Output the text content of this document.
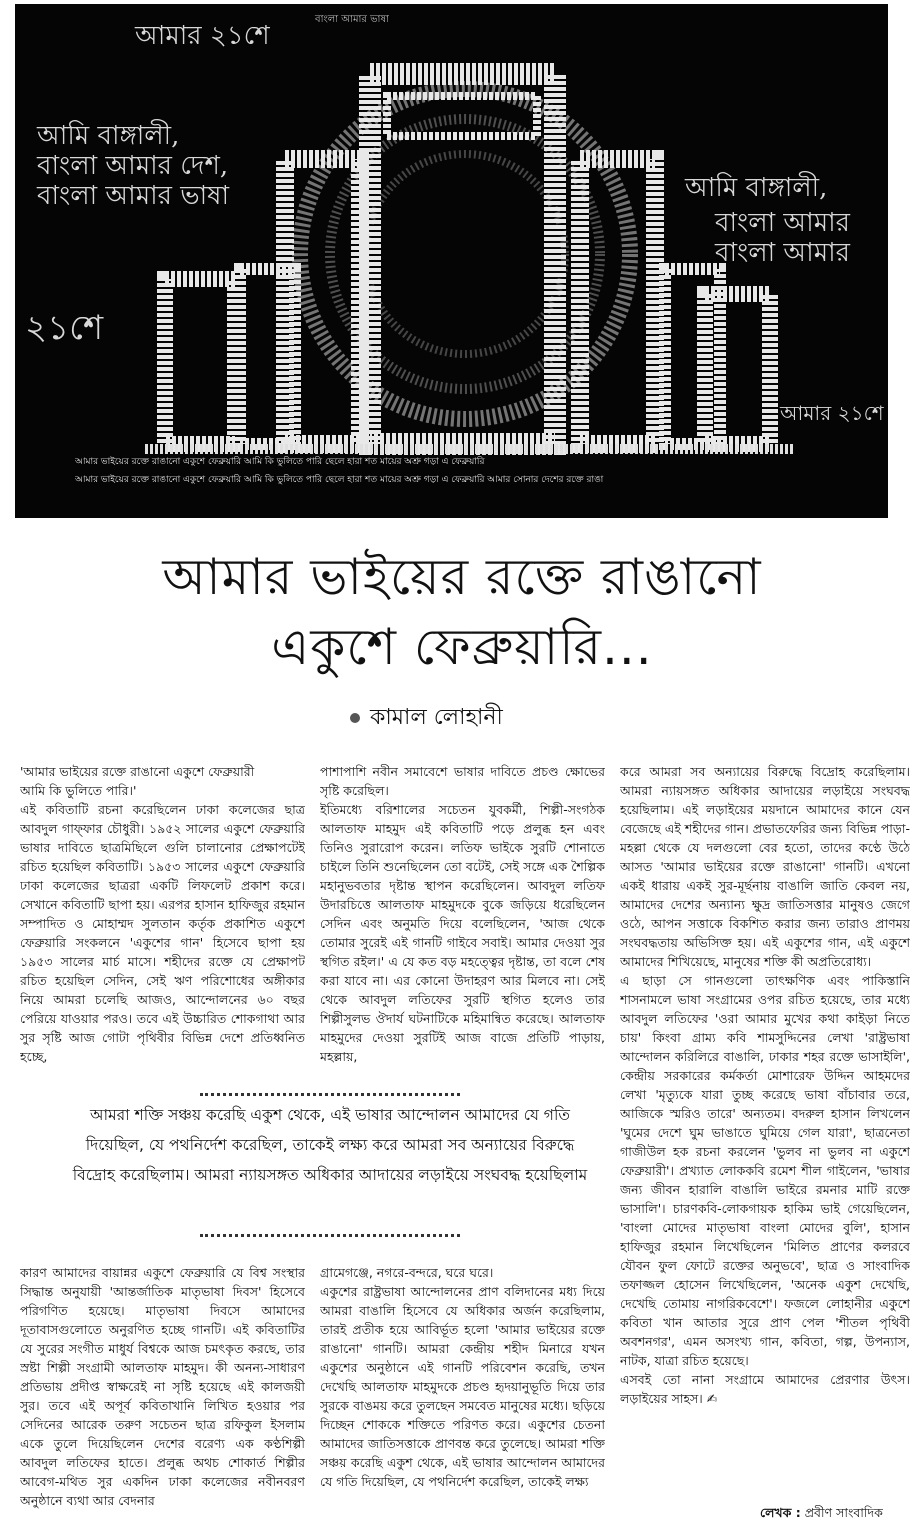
আমার ২১শে
আমি বাঙ্গালী,
বাংলা আমার দেশ,
বাংলা আমার ভাষা
২১শে
আমি বাঙ্গালী,
বাংলা আমার
বাংলা আমার
আমার ২১শে
বাংলা আমার ভাষা
আমার ভাইয়ের রক্তে রাঙানো একুশে ফেব্রুয়ারি আমি কি ভুলিতে পারি ছেলে হারা শত মায়ের অশ্রু গড়া এ ফেব্রুয়ারি
আমার ভাইয়ের রক্তে রাঙানো একুশে ফেব্রুয়ারি আমি কি ভুলিতে পারি ছেলে হারা শত মায়ের অশ্রু গড়া এ ফেব্রুয়ারি আমার সোনার দেশের রক্তে রাঙা
আমার ভাইয়ের রক্তে রাঙানো
একুশে ফেব্রুয়ারি...
কামাল লোহানী
'আমার ভাইয়ের রক্তে রাঙানো একুশে ফেব্রুয়ারী
আমি কি ভুলিতে পারি।'
এই কবিতাটি রচনা করেছিলেন ঢাকা কলেজের ছাত্র আবদুল গাফ্ফার চৌধুরী। ১৯৫২ সালের একুশে ফেব্রুয়ারি ভাষার দাবিতে ছাত্রমিছিলে গুলি চালানোর প্রেক্ষাপটেই রচিত হয়েছিল কবিতাটি। ১৯৫৩ সালের একুশে ফেব্রুয়ারি ঢাকা কলেজের ছাত্ররা একটি লিফলেট প্রকাশ করে। সেখানে কবিতাটি ছাপা হয়। এরপর হাসান হাফিজুর রহমান সম্পাদিত ও মোহাম্মদ সুলতান কর্তৃক প্রকাশিত একুশে ফেব্রুয়ারি সংকলনে 'একুশের গান' হিসেবে ছাপা হয় ১৯৫৩ সালের মার্চ মাসে। শহীদের রক্তে যে প্রেক্ষাপট রচিত হয়েছিল সেদিন, সেই ঋণ পরিশোধের অঙ্গীকার নিয়ে আমরা চলেছি আজও, আন্দোলনের ৬০ বছর পেরিয়ে যাওয়ার পরও। তবে এই উচ্চারিত শোকগাথা আর সুর সৃষ্টি আজ গোটা পৃথিবীর বিভিন্ন দেশে প্রতিধ্বনিত হচ্ছে,
পাশাপাশি নবীন সমাবেশে ভাষার দাবিতে প্রচণ্ড ক্ষোভের সৃষ্টি করেছিল।
ইতিমধ্যে বরিশালের সচেতন যুবকর্মী, শিল্পী-সংগঠক আলতাফ মাহমুদ এই কবিতাটি পড়ে প্রলুব্ধ হন এবং তিনিও সুরারোপ করেন। লতিফ ভাইকে সুরটি শোনাতে চাইলে তিনি শুনেছিলেন তো বটেই, সেই সঙ্গে এক শৈল্পিক মহানুভবতার দৃষ্টান্ত স্থাপন করেছিলেন। আবদুল লতিফ উদারচিত্তে আলতাফ মাহমুদকে বুকে জড়িয়ে ধরেছিলেন সেদিন এবং অনুমতি দিয়ে বলেছিলেন, 'আজ থেকে তোমার সুরেই এই গানটি গাইবে সবাই। আমার দেওয়া সুর স্থগিত রইল।' এ যে কত বড় মহত্ত্বের দৃষ্টান্ত, তা বলে শেষ করা যাবে না। এর কোনো উদাহরণ আর মিলবে না। সেই থেকে আবদুল লতিফের সুরটি স্থগিত হলেও তার শিল্পীসুলভ ঔদার্য ঘটনাটিকে মহিমান্বিত করেছে। আলতাফ মাহমুদের দেওয়া সুরটিই আজ বাজে প্রতিটি পাড়ায়, মহল্লায়,
করে আমরা সব অন্যায়ের বিরুদ্ধে বিদ্রোহ করেছিলাম। আমরা ন্যায়সঙ্গত অধিকার আদায়ের লড়াইয়ে সংঘবদ্ধ হয়েছিলাম। এই লড়াইয়ের ময়দানে আমাদের কানে যেন বেজেছে এই শহীদের গান। প্রভাতফেরির জন্য বিভিন্ন পাড়া-মহল্লা থেকে যে দলগুলো বের হতো, তাদের কণ্ঠে উঠে আসত 'আমার ভাইয়ের রক্তে রাঙানো' গানটি। এখনো একই ধারায় একই সুর-মূর্ছনায় বাঙালি জাতি কেবল নয়, আমাদের দেশের অন্যান্য ক্ষুদ্র জাতিসত্তার মানুষও জেগে ওঠে, আপন সত্তাকে বিকশিত করার জন্য তারাও প্রাণময় সংঘবদ্ধতায় অভিসিক্ত হয়। এই একুশের গান, এই একুশে আমাদের শিখিয়েছে, মানুষের শক্তি কী অপ্রতিরোধ্য।
এ ছাড়া সে গানগুলো তাৎক্ষণিক এবং পাকিস্তানি শাসনামলে ভাষা সংগ্রামের ওপর রচিত হয়েছে, তার মধ্যে আবদুল লতিফের 'ওরা আমার মুখের কথা কাইড়া নিতে চায়' কিংবা গ্রাম্য কবি শামসুদ্দিনের লেখা 'রাষ্ট্রভাষা আন্দোলন করিলিরে বাঙালি, ঢাকার শহর রক্তে ভাসাইলি', কেন্দ্রীয় সরকারের কর্মকর্তা মোশারেফ উদ্দিন আহমদের লেখা 'মৃত্যুকে যারা তুচ্ছ করেছে ভাষা বাঁচাবার তরে, আজিকে স্মরিও তারে' অন্যতম। বদরুল হাসান লিখলেন 'ঘুমের দেশে ঘুম ভাঙাতে ঘুমিয়ে গেল যারা', ছাত্রনেতা গাজীউল হক রচনা করলেন 'ভুলব না ভুলব না একুশে ফেব্রুয়ারী'। প্রখ্যাত লোককবি রমেশ শীল গাইলেন, 'ভাষার জন্য জীবন হারালি বাঙালি ভাইরে রমনার মাটি রক্তে ভাসালি'। চারণকবি-লোকগায়ক হাকিম ভাই গেয়েছিলেন, 'বাংলা মোদের মাতৃভাষা বাংলা মোদের বুলি', হাসান হাফিজুর রহমান লিখেছিলেন 'মিলিত প্রাণের কলরবে যৌবন ফুল ফোটে রক্তের অনুভবে', ছাত্র ও সাংবাদিক তফাজ্জল হোসেন লিখেছিলেন, 'অনেক একুশ দেখেছি, দেখেছি তোমায় নাগরিকবেশে'। ফজলে লোহানীর একুশে কবিতা খান আতার সুরে প্রাণ পেল 'শীতল পৃথিবী অবশনগর', এমন অসংখ্য গান, কবিতা, গল্প, উপন্যাস, নাটক, যাত্রা রচিত হয়েছে।
এসবই তো নানা সংগ্রামে আমাদের প্রেরণার উৎস। লড়াইয়ের সাহস। ✍
আমরা শক্তি সঞ্চয় করেছি একুশ থেকে, এই ভাষার আন্দোলন আমাদের যে গতি দিয়েছিল, যে পথনির্দেশ করেছিল, তাকেই লক্ষ্য করে আমরা সব অন্যায়ের বিরুদ্ধে বিদ্রোহ করেছিলাম। আমরা ন্যায়সঙ্গত অধিকার আদায়ের লড়াইয়ে সংঘবদ্ধ হয়েছিলাম
কারণ আমাদের বায়ান্নর একুশে ফেব্রুয়ারি যে বিশ্ব সংস্থার সিদ্ধান্ত অনুযায়ী 'আন্তর্জাতিক মাতৃভাষা দিবস' হিসেবে পরিগণিত হয়েছে। মাতৃভাষা দিবসে আমাদের দূতাবাসগুলোতে অনুরণিত হচ্ছে গানটি। এই কবিতাটির যে সুরের সংগীত মাধুর্য বিশ্বকে আজ চমৎকৃত করছে, তার স্রষ্টা শিল্পী সংগ্রামী আলতাফ মাহমুদ। কী অনন্য-সাধারণ প্রতিভায় প্রদীপ্ত স্বাক্ষরেই না সৃষ্টি হয়েছে এই কালজয়ী সুর। তবে এই অপূর্ব কবিতাখানি লিখিত হওয়ার পর সেদিনের আরেক তরুণ সচেতন ছাত্র রফিকুল ইসলাম একে তুলে দিয়েছিলেন দেশের বরেণ্য এক কণ্ঠশিল্পী আবদুল লতিফের হাতে। প্রলুব্ধ অথচ শোকার্ত শিল্পীর আবেগ-মথিত সুর একদিন ঢাকা কলেজের নবীনবরণ অনুষ্ঠানে ব্যথা আর বেদনার
গ্রামেগঞ্জে, নগরে-বন্দরে, ঘরে ঘরে।
একুশের রাষ্ট্রভাষা আন্দোলনের প্রাণ বলিদানের মধ্য দিয়ে আমরা বাঙালি হিসেবে যে অধিকার অর্জন করেছিলাম, তারই প্রতীক হয়ে আবির্ভূত হলো 'আমার ভাইয়ের রক্তে রাঙানো' গানটি। আমরা কেন্দ্রীয় শহীদ মিনারে যখন একুশের অনুষ্ঠানে এই গানটি পরিবেশন করেছি, তখন দেখেছি আলতাফ মাহমুদকে প্রচণ্ড হৃদয়ানুভূতি দিয়ে তার সুরকে বাঙময় করে তুলছেন সমবেত মানুষের মধ্যে। ছড়িয়ে দিচ্ছেন শোককে শক্তিতে পরিণত করে। একুশের চেতনা আমাদের জাতিসত্তাকে প্রাণবন্ত করে তুলেছে। আমরা শক্তি সঞ্চয় করেছি একুশ থেকে, এই ভাষার আন্দোলন আমাদের যে গতি দিয়েছিল, যে পথনির্দেশ করেছিল, তাকেই লক্ষ্য
লেখক : প্রবীণ সাংবাদিক
